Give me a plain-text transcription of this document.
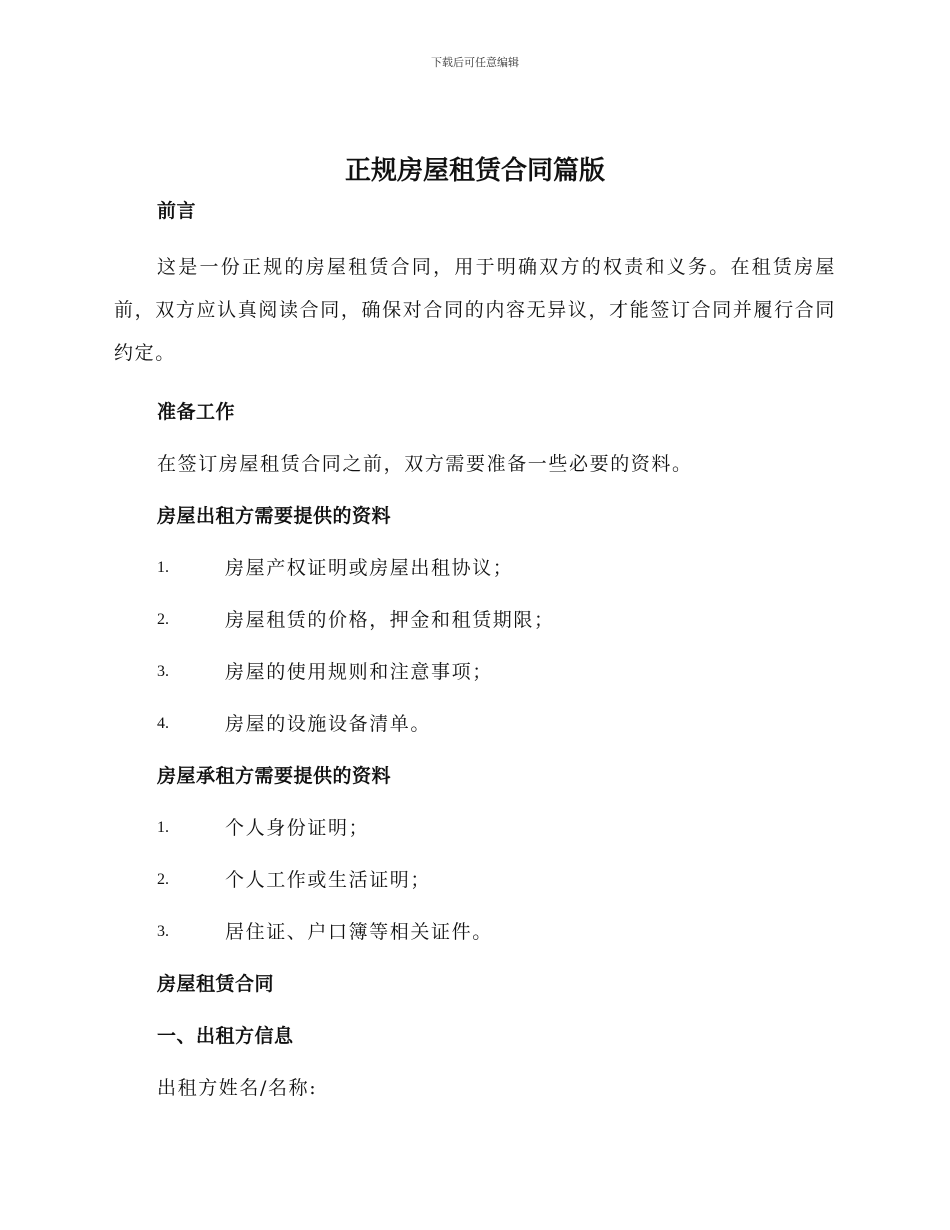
下载后可任意编辑
正规房屋租赁合同篇版
前言
这是一份正规的房屋租赁合同，用于明确双方的权责和义务。在租赁房屋前，双方应认真阅读合同，确保对合同的内容无异议，才能签订合同并履行合同约定。
准备工作
在签订房屋租赁合同之前，双方需要准备一些必要的资料。
房屋出租方需要提供的资料
1.	房屋产权证明或房屋出租协议；
2.	房屋租赁的价格，押金和租赁期限；
3.	房屋的使用规则和注意事项；
4.	房屋的设施设备清单。
房屋承租方需要提供的资料
1.	个人身份证明；
2.	个人工作或生活证明；
3.	居住证、户口簿等相关证件。
房屋租赁合同
一、出租方信息
出租方姓名/名称:
